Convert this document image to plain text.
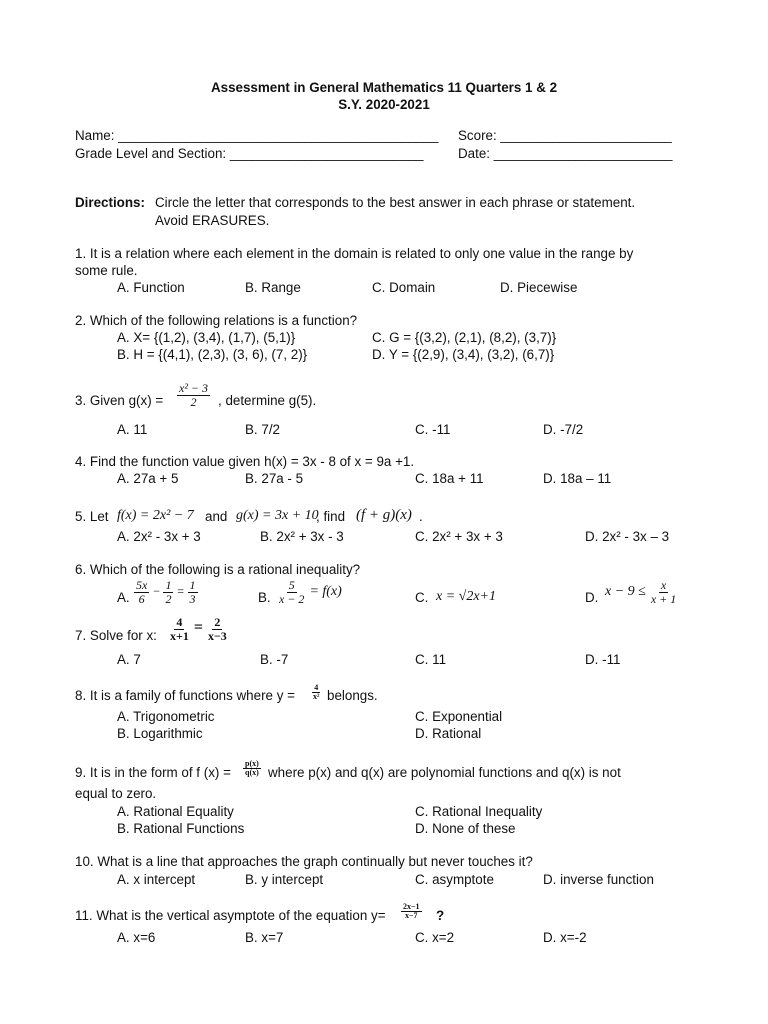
Assessment in General Mathematics 11 Quarters 1 & 2
S.Y. 2020-2021
Name: ___________________________________________ Score: _______________________
Grade Level and Section: __________________________	Date: ________________________
Directions: Circle the letter that corresponds to the best answer in each phrase or statement.
Avoid ERASURES.
1. It is a relation where each element in the domain is related to only one value in the range by
some rule.
A. Function	B. Range	C. Domain	D. Piecewise
2. Which of the following relations is a function?
A. X= {(1,2), (3,4), (1,7), (5,1)}	C. G = {(3,2), (2,1), (8,2), (3,7)}
B. H = {(4,1), (2,3), (3, 6), (7, 2)}	D. Y = {(2,9), (3,4), (3,2), (6,7)}
3. Given $g(x) = \frac{\text{x² − 3}}{2}$ , determine g(5).
A. 11	B. 7/2	C. -11	D. -7/2
4. Find the function value given h(x) = 3x - 8 of x = 9a +1.
A. 27a + 5	B. 27a - 5	C. 18a + 11	D. 18a – 11
5. Let f(x) = 2x² − 7 and g(x) = 3x + 10
, find (f + g)(x) .
A. 2x² - 3x + 3	B. 2x² + 3x - 3	C. 2x² + 3x + 3	D. 2x² - 3x – 3
6. Which of the following is a rational inequality?
A. $\frac{5x}{6} - \frac{1}{2} = \frac{1}{3}$	B. $\frac{5}{x - 2} = f(x)$	C. x = √2x+1	D. $x - 9 \le \frac{x}{x + 1}$
7. Solve for x: $\frac{4}{x+1} = \frac{2}{x-3}$
A. 7	B. -7	C. 11	D. -11
8. It is a family of functions where $y = \frac{4}{\text{x²}}$ belongs.
A. Trigonometric	C. Exponential
B. Logarithmic	D. Rational
9. It is in the form of f $(x) = \frac{p(x)}{q(x)}$ where p(x) and q(x) are polynomial functions and q(x) is not
equal to zero.
A. Rational Equality	C. Rational Inequality
B. Rational Functions	D. None of these
10. What is a line that approaches the graph continually but never touches it?
A. x intercept	B. y intercept	C. asymptote	D. inverse function
11. What is the vertical asymptote of the equation $y= \frac{2x-1}{x-7}$ ?
A. x=6	B. x=7	C. x=2	D. x=-2
